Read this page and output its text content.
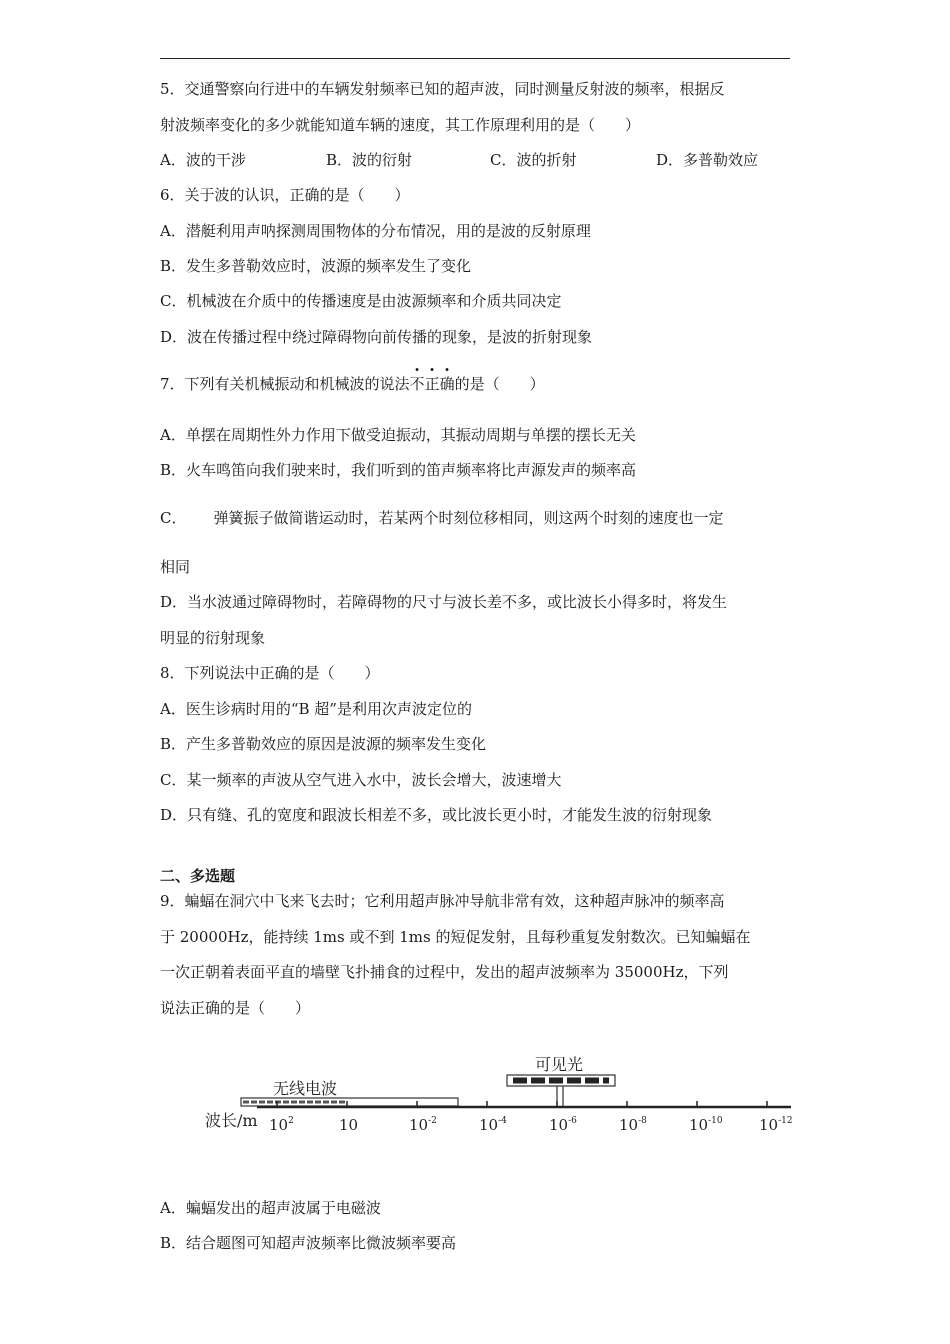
5．交通警察向行进中的车辆发射频率已知的超声波，同时测量反射波的频率，根据反
射波频率变化的多少就能知道车辆的速度，其工作原理利用的是（　　）
A．波的干涉	B．波的衍射	C．波的折射	D．多普勒效应
6．关于波的认识，正确的是（　　）
A．潜艇利用声呐探测周围物体的分布情况，用的是波的反射原理
B．发生多普勒效应时，波源的频率发生了变化
C．机械波在介质中的传播速度是由波源频率和介质共同决定
D．波在传播过程中绕过障碍物向前传播的现象，是波的折射现象
7．下列有关机械振动和机械波的说法不正确的是（　　）
A．单摆在周期性外力作用下做受迫振动，其振动周期与单摆的摆长无关
B．火车鸣笛向我们驶来时，我们听到的笛声频率将比声源发声的频率高
C． 弹簧振子做简谐运动时，若某两个时刻位移相同，则这两个时刻的速度也一定
相同
D．当水波通过障碍物时，若障碍物的尺寸与波长差不多，或比波长小得多时，将发生
明显的衍射现象
8．下列说法中正确的是（　　）
A．医生诊病时用的“B 超”是利用次声波定位的
B．产生多普勒效应的原因是波源的频率发生变化
C．某一频率的声波从空气进入水中，波长会增大，波速增大
D．只有缝、孔的宽度和跟波长相差不多，或比波长更小时，才能发生波的衍射现象
二、多选题
9．蝙蝠在洞穴中飞来飞去时；它利用超声脉冲导航非常有效，这种超声脉冲的频率高
于 20000Hz，能持续 1ms 或不到 1ms 的短促发射，且每秒重复发射数次。已知蝙蝠在
一次正朝着表面平直的墙壁飞扑捕食的过程中，发出的超声波频率为 35000Hz，下列
说法正确的是（　　）
无线电波
可见光
波长/m $10^2$	10	$10^{-2}$	$10^{-4}$	$10^{-6}$	$10^{-8}$	$10^{-10}$ $10^{-12}$
A．蝙蝠发出的超声波属于电磁波
B．结合题图可知超声波频率比微波频率要高
